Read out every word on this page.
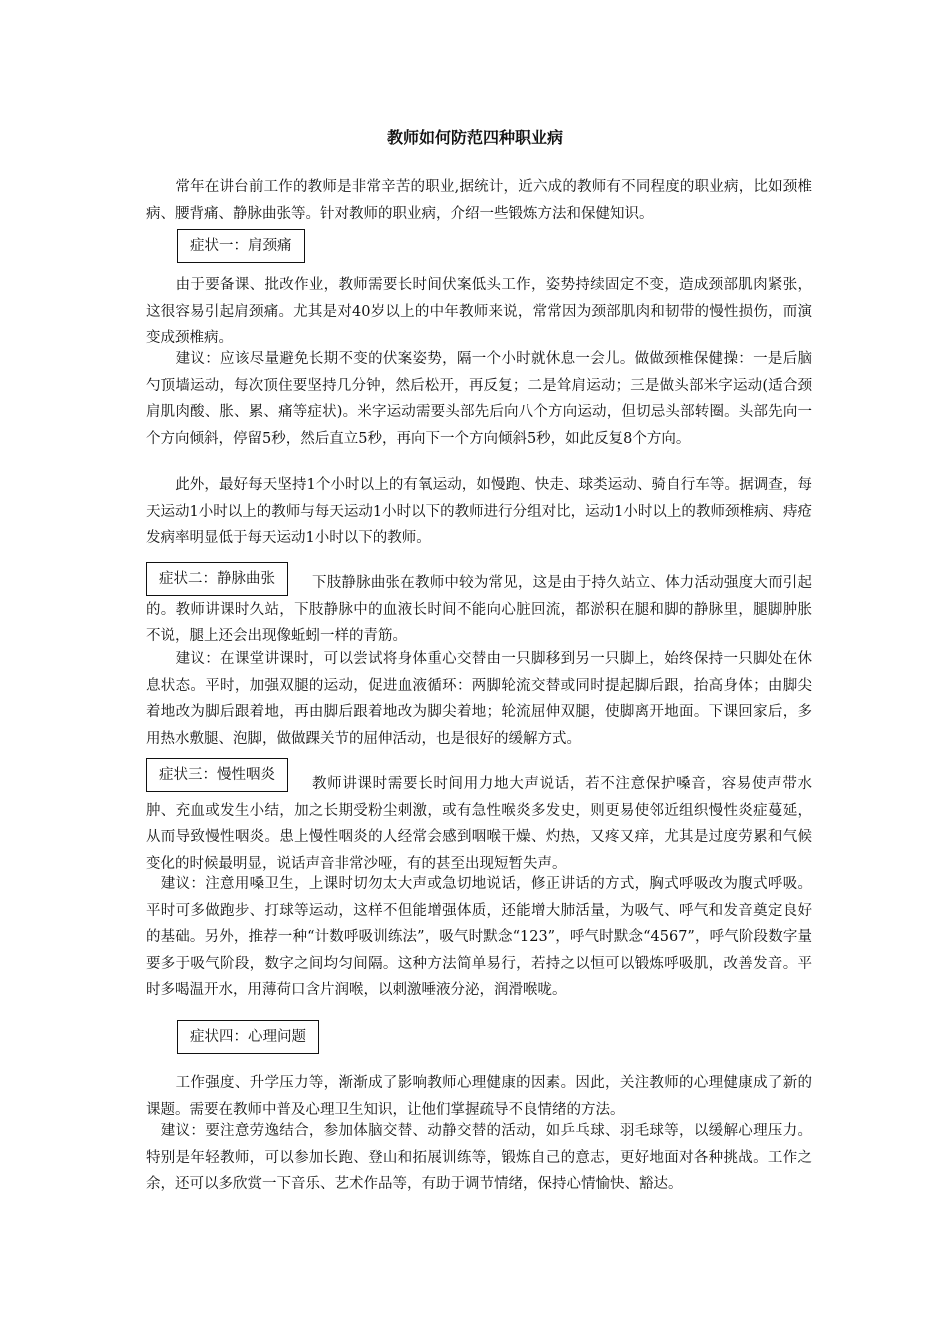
教师如何防范四种职业病

　　常年在讲台前工作的教师是非常辛苦的职业,据统计，近六成的教师有不同程度的职业病，比如颈椎病、腰背痛、静脉曲张等。针对教师的职业病，介绍一些锻炼方法和保健知识。

症状一：肩颈痛

　　由于要备课、批改作业，教师需要长时间伏案低头工作，姿势持续固定不变，造成颈部肌肉紧张，这很容易引起肩颈痛。尤其是对40岁以上的中年教师来说，常常因为颈部肌肉和韧带的慢性损伤，而演变成颈椎病。

　　建议：应该尽量避免长期不变的伏案姿势，隔一个小时就休息一会儿。做做颈椎保健操：一是后脑勺顶墙运动，每次顶住要坚持几分钟，然后松开，再反复；二是耸肩运动；三是做头部米字运动(适合颈肩肌肉酸、胀、累、痛等症状)。米字运动需要头部先后向八个方向运动，但切忌头部转圈。头部先向一个方向倾斜，停留5秒，然后直立5秒，再向下一个方向倾斜5秒，如此反复8个方向。

　　此外，最好每天坚持1个小时以上的有氧运动，如慢跑、快走、球类运动、骑自行车等。据调查，每天运动1小时以上的教师与每天运动1小时以下的教师进行分组对比，运动1小时以上的教师颈椎病、痔疮发病率明显低于每天运动1小时以下的教师。

症状二：静脉曲张	下肢静脉曲张在教师中较为常见，这是由于持久站立、体力活动强度大而引起的。教师讲课时久站，下肢静脉中的血液长时间不能向心脏回流，都淤积在腿和脚的静脉里，腿脚肿胀不说，腿上还会出现像蚯蚓一样的青筋。

　　建议：在课堂讲课时，可以尝试将身体重心交替由一只脚移到另一只脚上，始终保持一只脚处在休息状态。平时，加强双腿的运动，促进血液循环：两脚轮流交替或同时提起脚后跟，抬高身体；由脚尖着地改为脚后跟着地，再由脚后跟着地改为脚尖着地；轮流屈伸双腿，使脚离开地面。下课回家后，多用热水敷腿、泡脚，做做踝关节的屈伸活动，也是很好的缓解方式。

症状三：慢性咽炎

教师讲课时需要长时间用力地大声说话，若不注意保护嗓音，容易使声带水肿、充血或发生小结，加之长期受粉尘刺激，或有急性喉炎多发史，则更易使邻近组织慢性炎症蔓延，从而导致慢性咽炎。患上慢性咽炎的人经常会感到咽喉干燥、灼热，又疼又痒，尤其是过度劳累和气候变化的时候最明显，说话声音非常沙哑，有的甚至出现短暂失声。

　建议：注意用嗓卫生，上课时切勿太大声或急切地说话，修正讲话的方式，胸式呼吸改为腹式呼吸。平时可多做跑步、打球等运动，这样不但能增强体质，还能增大肺活量，为吸气、呼气和发音奠定良好的基础。另外，推荐一种“计数呼吸训练法”，吸气时默念“123”，呼气时默念“4567”，呼气阶段数字量要多于吸气阶段，数字之间均匀间隔。这种方法简单易行，若持之以恒可以锻炼呼吸肌，改善发音。平时多喝温开水，用薄荷口含片润喉，以刺激唾液分泌，润滑喉咙。

症状四：心理问题

　　工作强度、升学压力等，渐渐成了影响教师心理健康的因素。因此，关注教师的心理健康成了新的课题。需要在教师中普及心理卫生知识，让他们掌握疏导不良情绪的方法。

　建议：要注意劳逸结合，参加体脑交替、动静交替的活动，如乒乓球、羽毛球等，以缓解心理压力。特别是年轻教师，可以参加长跑、登山和拓展训练等，锻炼自己的意志，更好地面对各种挑战。工作之余，还可以多欣赏一下音乐、艺术作品等，有助于调节情绪，保持心情愉快、豁达。
